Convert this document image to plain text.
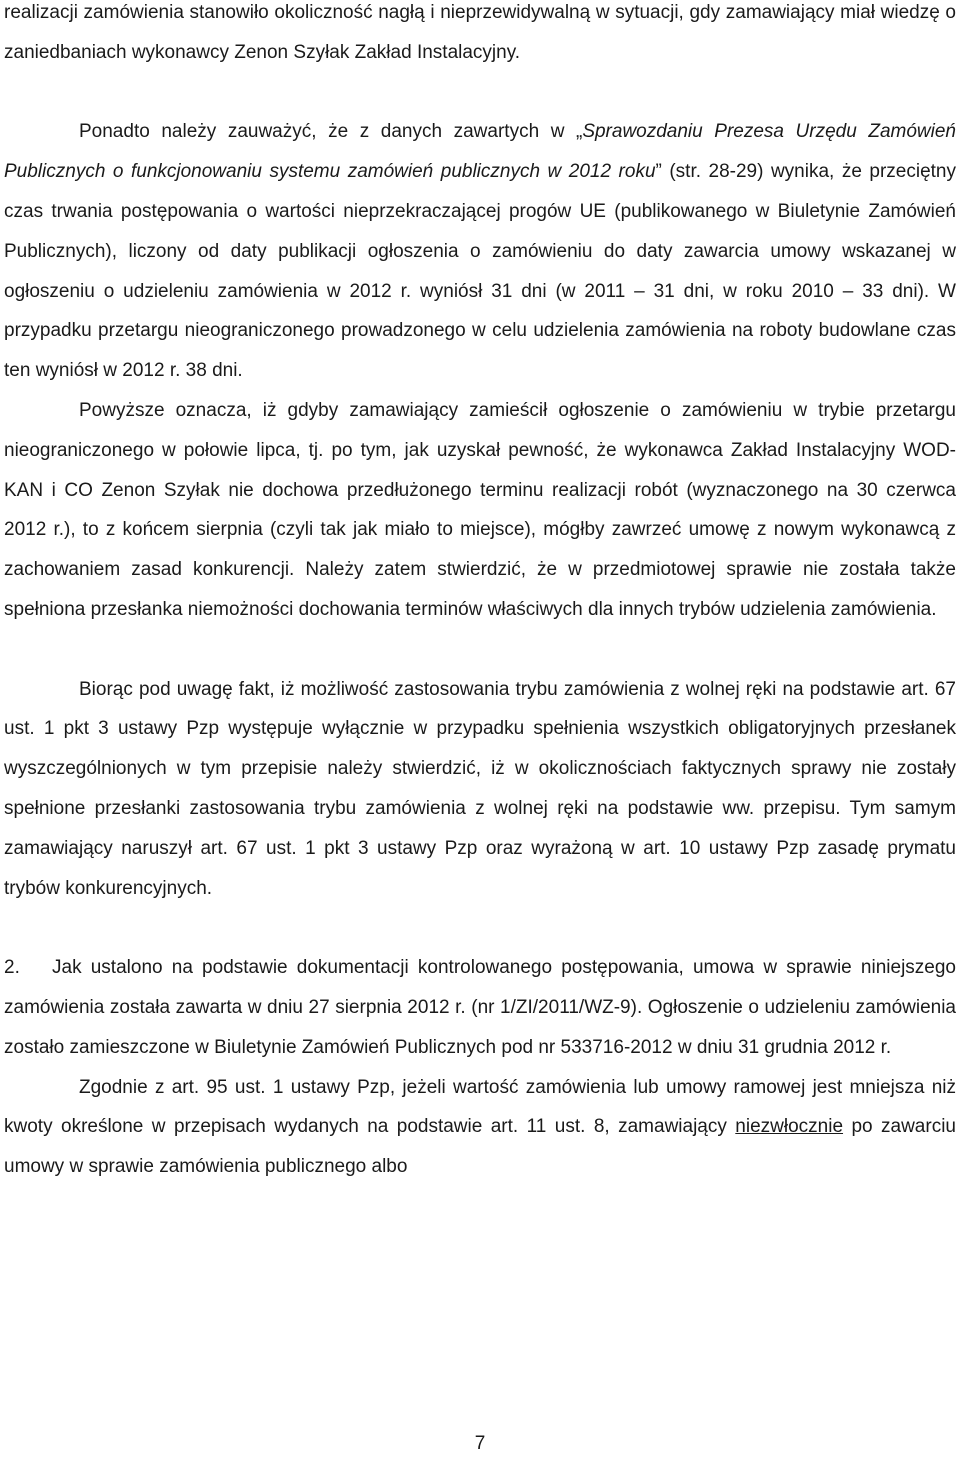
realizacji zamówienia stanowiło okoliczność nagłą i nieprzewidywalną w sytuacji, gdy zamawiający miał wiedzę o zaniedbaniach wykonawcy Zenon Szyłak Zakład Instalacyjny.

Ponadto należy zauważyć, że z danych zawartych w „Sprawozdaniu Prezesa Urzędu Zamówień Publicznych o funkcjonowaniu systemu zamówień publicznych w 2012 roku” (str. 28-29) wynika, że przeciętny czas trwania postępowania o wartości nieprzekraczającej progów UE (publikowanego w Biuletynie Zamówień Publicznych), liczony od daty publikacji ogłoszenia o zamówieniu do daty zawarcia umowy wskazanej w ogłoszeniu o udzieleniu zamówienia w 2012 r. wyniósł 31 dni (w 2011 – 31 dni, w roku 2010 – 33 dni). W przypadku przetargu nieograniczonego prowadzonego w celu udzielenia zamówienia na roboty budowlane czas ten wyniósł w 2012 r. 38 dni.

Powyższe oznacza, iż gdyby zamawiający zamieścił ogłoszenie o zamówieniu w trybie przetargu nieograniczonego w połowie lipca, tj. po tym, jak uzyskał pewność, że wykonawca Zakład Instalacyjny WOD-KAN i CO Zenon Szyłak nie dochowa przedłużonego terminu realizacji robót (wyznaczonego na 30 czerwca 2012 r.), to z końcem sierpnia (czyli tak jak miało to miejsce), mógłby zawrzeć umowę z nowym wykonawcą z zachowaniem zasad konkurencji. Należy zatem stwierdzić, że w przedmiotowej sprawie nie została także spełniona przesłanka niemożności dochowania terminów właściwych dla innych trybów udzielenia zamówienia.

Biorąc pod uwagę fakt, iż możliwość zastosowania trybu zamówienia z wolnej ręki na podstawie art. 67 ust. 1 pkt 3 ustawy Pzp występuje wyłącznie w przypadku spełnienia wszystkich obligatoryjnych przesłanek wyszczególnionych w tym przepisie należy stwierdzić, iż w okolicznościach faktycznych sprawy nie zostały spełnione przesłanki zastosowania trybu zamówienia z wolnej ręki na podstawie ww. przepisu. Tym samym zamawiający naruszył art. 67 ust. 1 pkt 3 ustawy Pzp oraz wyrażoną w art. 10 ustawy Pzp zasadę prymatu trybów konkurencyjnych.

2. Jak ustalono na podstawie dokumentacji kontrolowanego postępowania, umowa w sprawie niniejszego zamówienia została zawarta w dniu 27 sierpnia 2012 r. (nr 1/ZI/2011/WZ-9). Ogłoszenie o udzieleniu zamówienia zostało zamieszczone w Biuletynie Zamówień Publicznych pod nr 533716-2012 w dniu 31 grudnia 2012 r.

Zgodnie z art. 95 ust. 1 ustawy Pzp, jeżeli wartość zamówienia lub umowy ramowej jest mniejsza niż kwoty określone w przepisach wydanych na podstawie art. 11 ust. 8, zamawiający niezwłocznie po zawarciu umowy w sprawie zamówienia publicznego albo

7
